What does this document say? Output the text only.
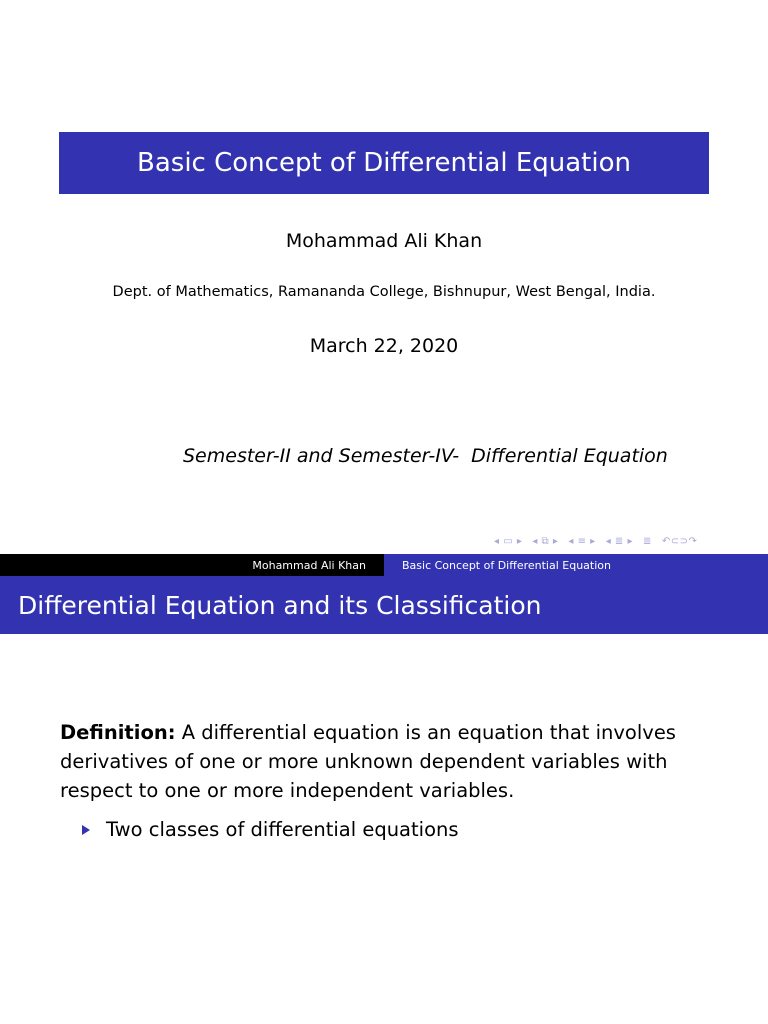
Basic Concept of Differential Equation
Mohammad Ali Khan
Dept. of Mathematics, Ramananda College, Bishnupur, West Bengal, India.
March 22, 2020
Semester-II and Semester-IV-  Differential Equation
◂ ▭ ▸ ◂ ⧉ ▸ ◂ ≡ ▸ ◂ ≣ ▸ ≣ ↶⊂⊃↷
Mohammad Ali Khan	Basic Concept of Differential Equation
Differential Equation and its Classification
Definition: A differential equation is an equation that involves derivatives of one or more unknown dependent variables with respect to one or more independent variables.
Two classes of differential equations
